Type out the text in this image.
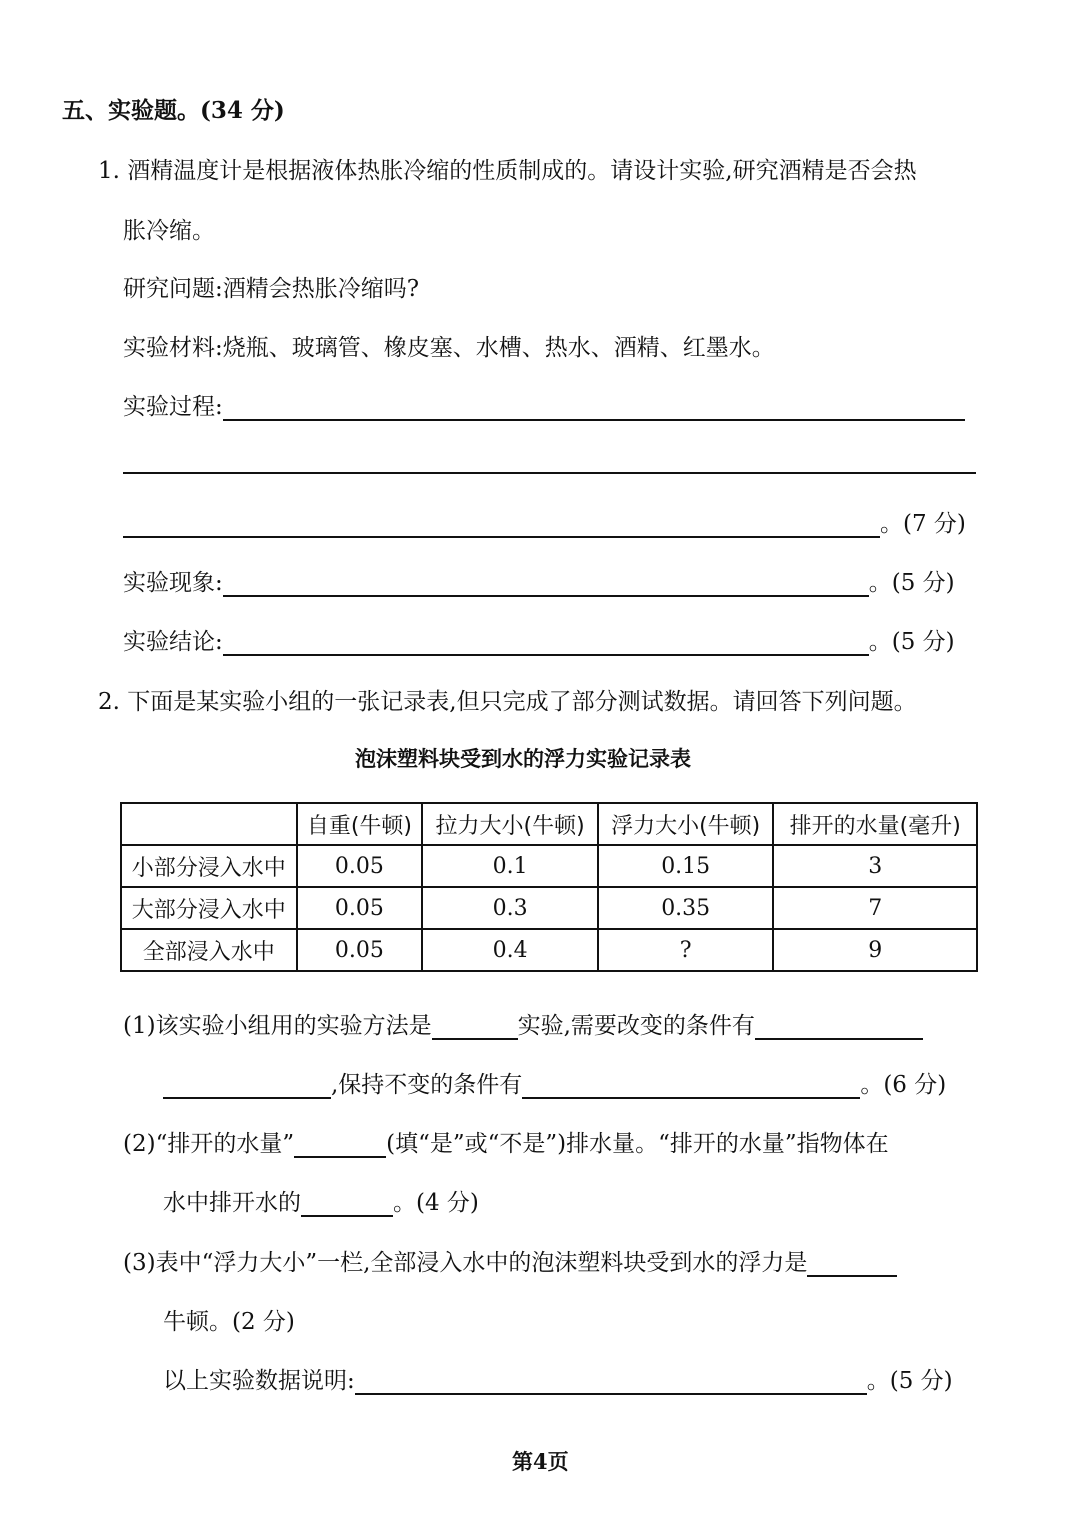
五、实验题。(34 分)
1. 酒精温度计是根据液体热胀冷缩的性质制成的。请设计实验,研究酒精是否会热
胀冷缩。
研究问题:酒精会热胀冷缩吗?
实验材料:烧瓶、玻璃管、橡皮塞、水槽、热水、酒精、红墨水。
实验过程:
。(7 分)
实验现象:	。(5 分)
实验结论:	。(5 分)
2. 下面是某实验小组的一张记录表,但只完成了部分测试数据。请回答下列问题。
泡沫塑料块受到水的浮力实验记录表
	自重(牛顿)	拉力大小(牛顿)	浮力大小(牛顿)	排开的水量(毫升)
小部分浸入水中	0.05	0.1	0.15	3
大部分浸入水中	0.05	0.3	0.35	7
全部浸入水中	0.05	0.4	?	9
(1)该实验小组用的实验方法是	实验,需要改变的条件有
,保持不变的条件有	。(6 分)
(2)“排开的水量”	(填“是”或“不是”)排水量。“排开的水量”指物体在
水中排开水的	。(4 分)
(3)表中“浮力大小”一栏,全部浸入水中的泡沫塑料块受到水的浮力是
牛顿。(2 分)
以上实验数据说明:	。(5 分)
第4页
